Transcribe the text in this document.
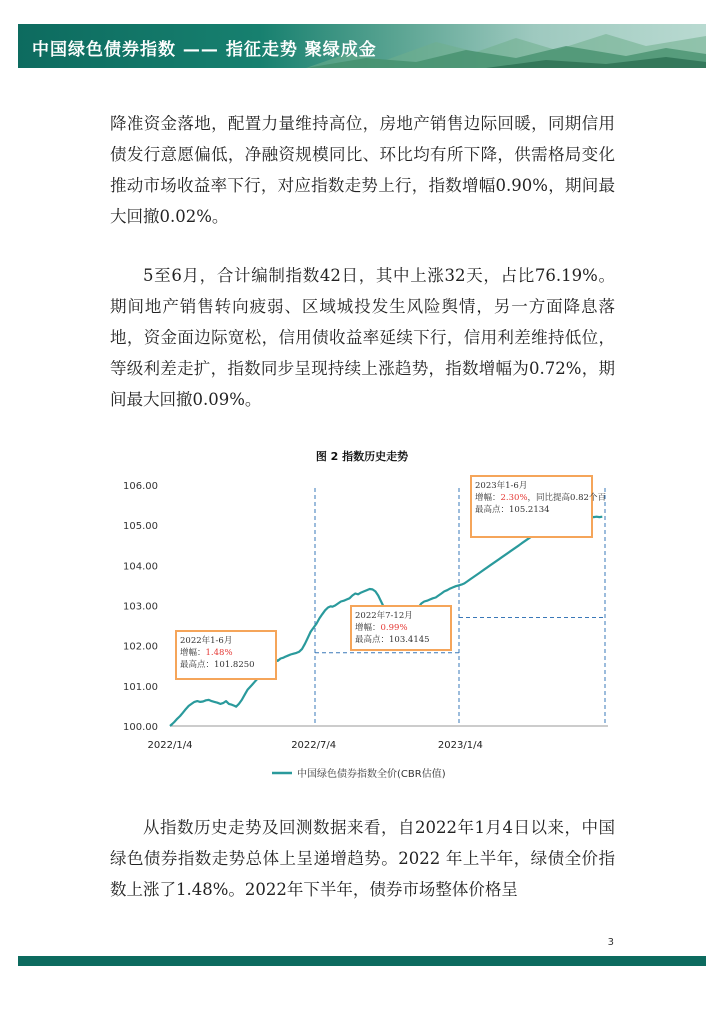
中国绿色债券指数 —— 指征走势 聚绿成金

降准资金落地，配置力量维持高位，房地产销售边际回暖，同期信用债发行意愿偏低，净融资规模同比、环比均有所下降，供需格局变化推动市场收益率下行，对应指数走势上行，指数增幅0.90%，期间最大回撤0.02%。

5至6月，合计编制指数42日，其中上涨32天，占比76.19%。期间地产销售转向疲弱、区域城投发生风险舆情，另一方面降息落地，资金面边际宽松，信用债收益率延续下行，信用利差维持低位，等级利差走扩，指数同步呈现持续上涨趋势，指数增幅为0.72%，期间最大回撤0.09%。

图 2 指数历史走势
100.00
101.00
102.00
103.00
104.00
105.00
106.00
2022/1/4	2022/7/4	2023/1/4
2022年1-6月
增幅：1.48%
最高点：101.8250
2022年7-12月
增幅：0.99%
最高点：103.4145
2023年1-6月
增幅：2.30%，同比提高0.82个百
最高点：105.2134
中国绿色债券指数全价(CBR估值)

从指数历史走势及回测数据来看，自2022年1月4日以来，中国绿色债券指数走势总体上呈递增趋势。2022 年上半年，绿债全价指数上涨了1.48%。2022年下半年，债券市场整体价格呈

3
